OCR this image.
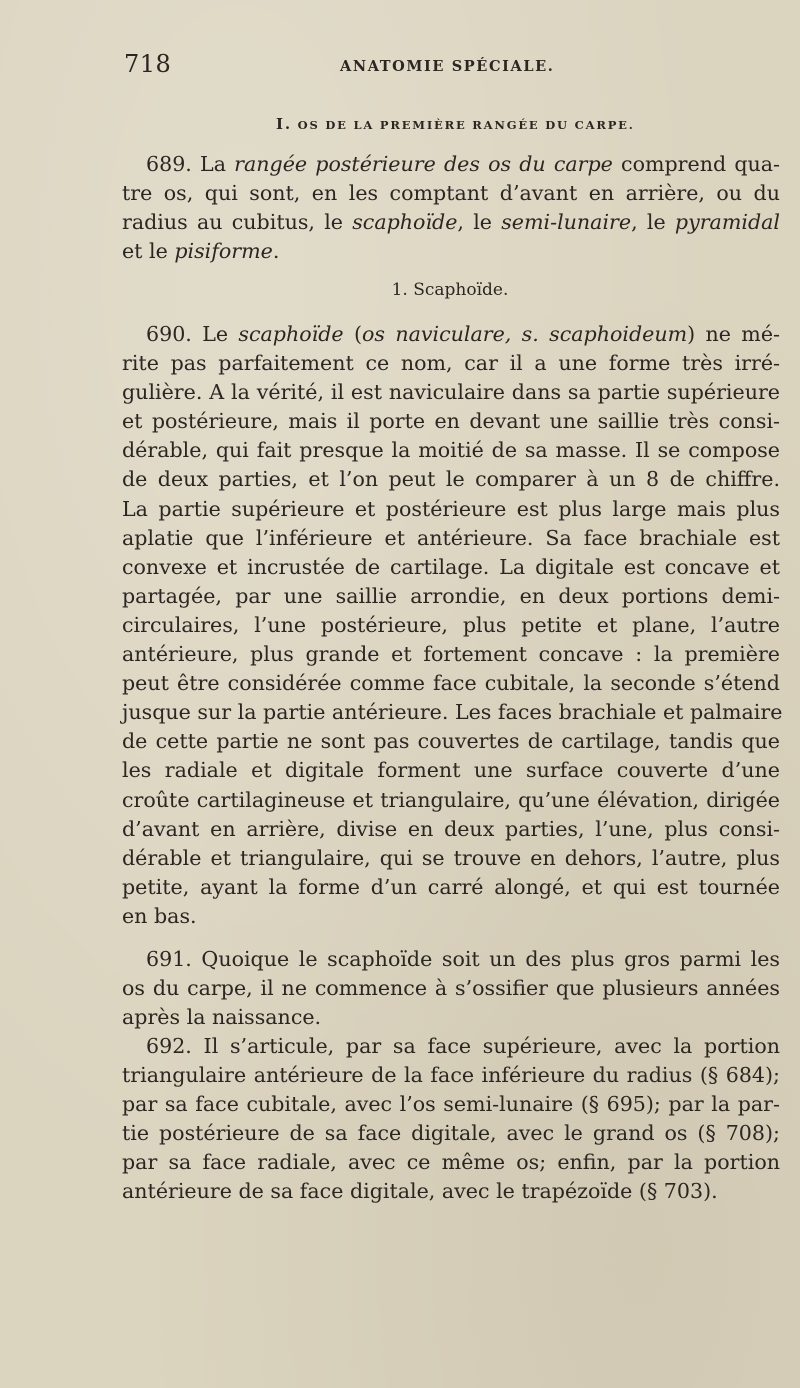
718	ANATOMIE SPÉCIALE.
I. OS DE LA PREMIÈRE RANGÉE DU CARPE.
689. La rangée postérieure des os du carpe comprend qua-
tre os, qui sont, en les comptant d’avant en arrière, ou du
radius au cubitus, le scaphoïde, le semi-lunaire, le pyramidal
et le pisiforme.
1. Scaphoïde.
690. Le scaphoïde (os naviculare, s. scaphoideum) ne mé-
rite pas parfaitement ce nom, car il a une forme très irré-
gulière. A la vérité, il est naviculaire dans sa partie supérieure
et postérieure, mais il porte en devant une saillie très consi-
dérable, qui fait presque la moitié de sa masse. Il se compose
de deux parties, et l’on peut le comparer à un 8 de chiffre.
La partie supérieure et postérieure est plus large mais plus
aplatie que l’inférieure et antérieure. Sa face brachiale est
convexe et incrustée de cartilage. La digitale est concave et
partagée, par une saillie arrondie, en deux portions demi-
circulaires, l’une postérieure, plus petite et plane, l’autre
antérieure, plus grande et fortement concave : la première
peut être considérée comme face cubitale, la seconde s’étend
jusque sur la partie antérieure. Les faces brachiale et palmaire
de cette partie ne sont pas couvertes de cartilage, tandis que
les radiale et digitale forment une surface couverte d’une
croûte cartilagineuse et triangulaire, qu’une élévation, dirigée
d’avant en arrière, divise en deux parties, l’une, plus consi-
dérable et triangulaire, qui se trouve en dehors, l’autre, plus
petite, ayant la forme d’un carré alongé, et qui est tournée
en bas.
691. Quoique le scaphoïde soit un des plus gros parmi les
os du carpe, il ne commence à s’ossifier que plusieurs années
après la naissance.
692. Il s’articule, par sa face supérieure, avec la portion
triangulaire antérieure de la face inférieure du radius (§ 684);
par sa face cubitale, avec l’os semi-lunaire (§ 695); par la par-
tie postérieure de sa face digitale, avec le grand os (§ 708);
par sa face radiale, avec ce même os; enfin, par la portion
antérieure de sa face digitale, avec le trapézoïde (§ 703).
